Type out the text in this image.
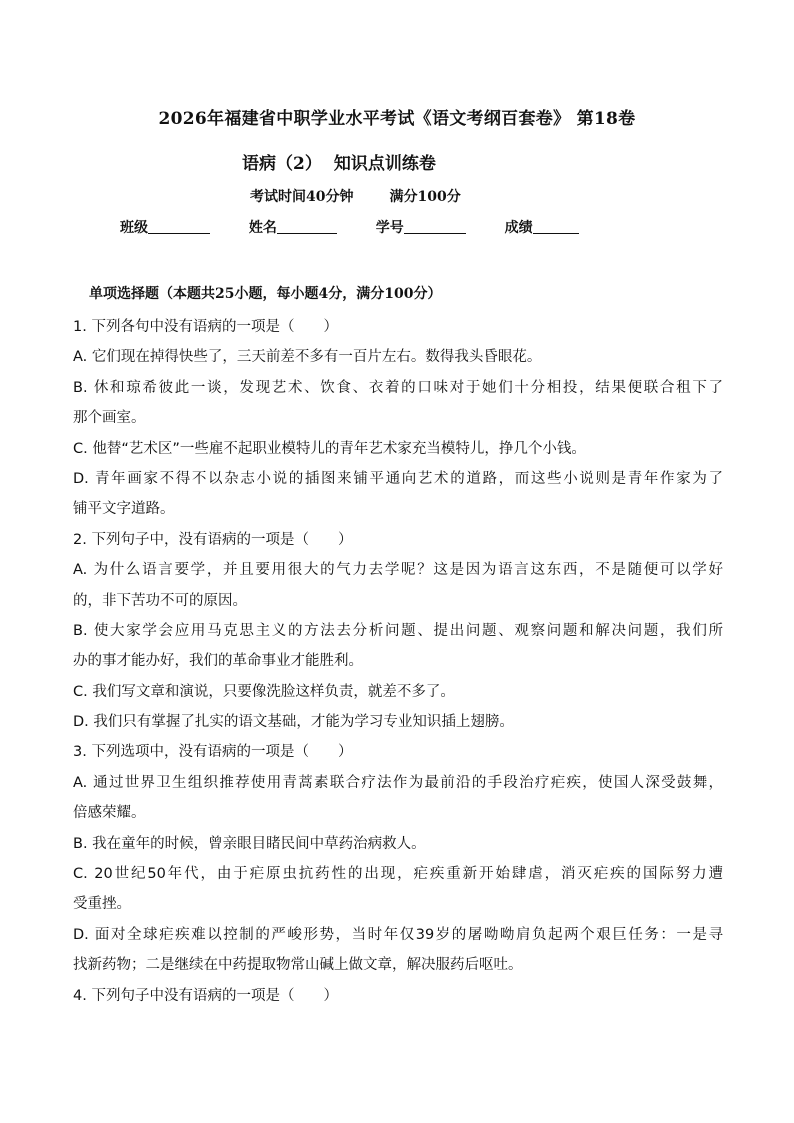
2026年福建省中职学业水平考试《语文考纲百套卷》 第18卷
语病（2） 知识点训练卷
考试时间40分钟	满分100分
班级	姓名	学号	成绩
单项选择题（本题共25小题，每小题4分，满分100分）
1. 下列各句中没有语病的一项是（　　）
A. 它们现在掉得快些了，三天前差不多有一百片左右。数得我头昏眼花。
B. 休和琼希彼此一谈，发现艺术、饮食、衣着的口味对于她们十分相投，结果便联合租下了
那个画室。
C. 他替“艺术区”一些雇不起职业模特儿的青年艺术家充当模特儿，挣几个小钱。
D. 青年画家不得不以杂志小说的插图来铺平通向艺术的道路，而这些小说则是青年作家为了
铺平文字道路。
2. 下列句子中，没有语病的一项是（　　）
A. 为什么语言要学，并且要用很大的气力去学呢？这是因为语言这东西，不是随便可以学好
的，非下苦功不可的原因。
B. 使大家学会应用马克思主义的方法去分析问题、提出问题、观察问题和解决问题，我们所
办的事才能办好，我们的革命事业才能胜利。
C. 我们写文章和演说，只要像洗脸这样负责，就差不多了。
D. 我们只有掌握了扎实的语文基础，才能为学习专业知识插上翅膀。
3. 下列选项中，没有语病的一项是（　　）
A. 通过世界卫生组织推荐使用青蒿素联合疗法作为最前沿的手段治疗疟疾，使国人深受鼓舞，
倍感荣耀。
B. 我在童年的时候，曾亲眼目睹民间中草药治病救人。
C. 20世纪50年代，由于疟原虫抗药性的出现，疟疾重新开始肆虐，消灭疟疾的国际努力遭
受重挫。
D. 面对全球疟疾难以控制的严峻形势，当时年仅39岁的屠呦呦肩负起两个艰巨任务：一是寻
找新药物；二是继续在中药提取物常山碱上做文章，解决服药后呕吐。
4. 下列句子中没有语病的一项是（　　）
